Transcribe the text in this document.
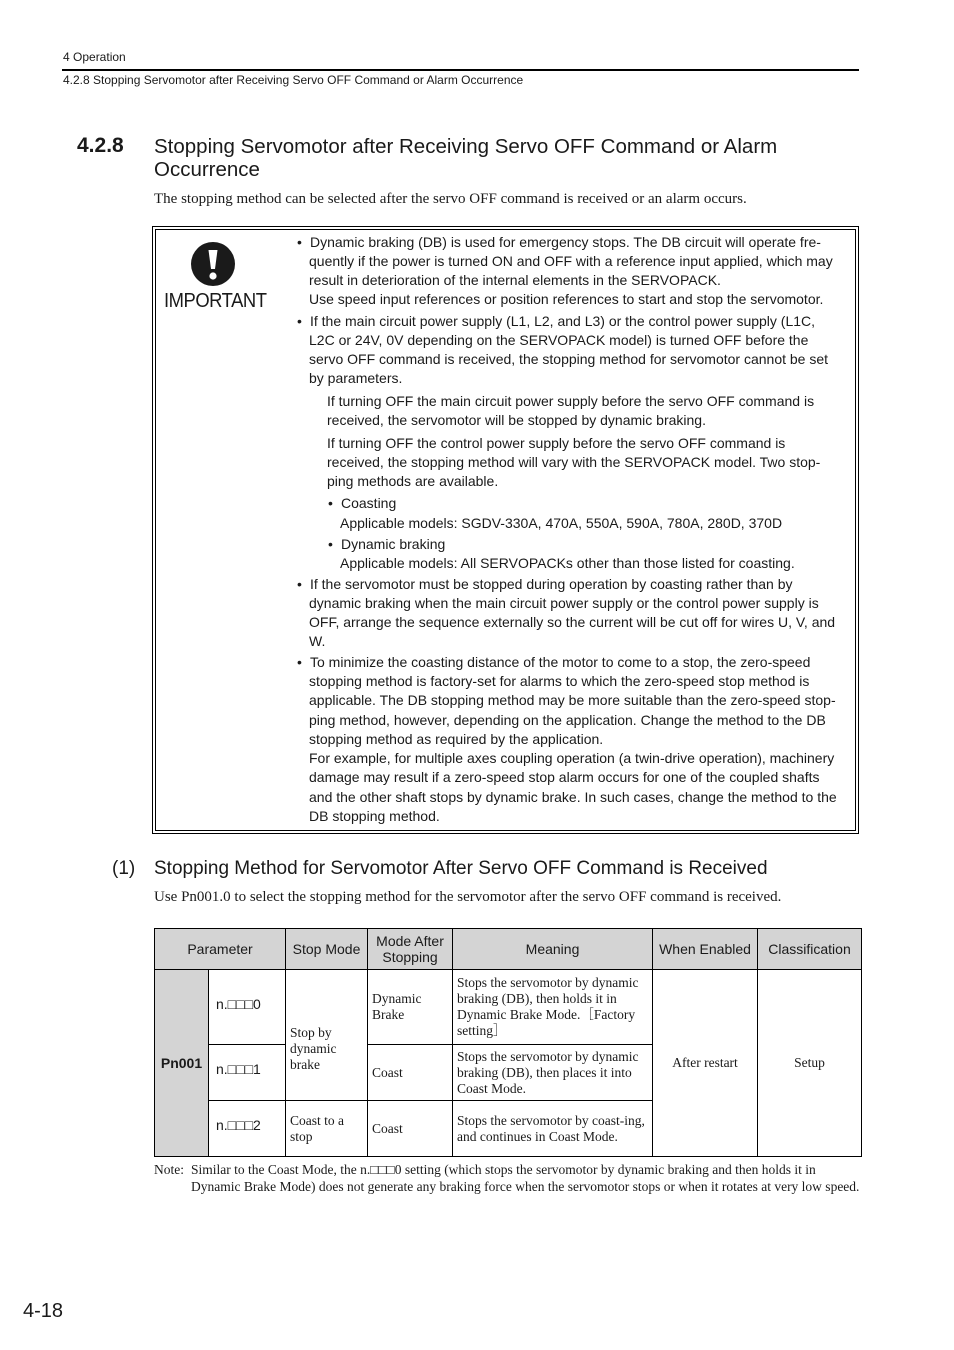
4 Operation
4.2.8 Stopping Servomotor after Receiving Servo OFF Command or Alarm Occurrence
4.2.8 Stopping Servomotor after Receiving Servo OFF Command or Alarm Occurrence
The stopping method can be selected after the servo OFF command is received or an alarm occurs.
IMPORTANT
• Dynamic braking (DB) is used for emergency stops. The DB circuit will operate fre-
quently if the power is turned ON and OFF with a reference input applied, which may
result in deterioration of the internal elements in the SERVOPACK.
Use speed input references or position references to start and stop the servomotor.
• If the main circuit power supply (L1, L2, and L3) or the control power supply (L1C,
L2C or 24V, 0V depending on the SERVOPACK model) is turned OFF before the
servo OFF command is received, the stopping method for servomotor cannot be set
by parameters.
If turning OFF the main circuit power supply before the servo OFF command is
received, the servomotor will be stopped by dynamic braking.
If turning OFF the control power supply before the servo OFF command is
received, the stopping method will vary with the SERVOPACK model. Two stop-
ping methods are available.
• Coasting
Applicable models: SGDV-330A, 470A, 550A, 590A, 780A, 280D, 370D
• Dynamic braking
Applicable models: All SERVOPACKs other than those listed for coasting.
• If the servomotor must be stopped during operation by coasting rather than by
dynamic braking when the main circuit power supply or the control power supply is
OFF, arrange the sequence externally so the current will be cut off for wires U, V, and
W.
• To minimize the coasting distance of the motor to come to a stop, the zero-speed
stopping method is factory-set for alarms to which the zero-speed stop method is
applicable. The DB stopping method may be more suitable than the zero-speed stop-
ping method, however, depending on the application. Change the method to the DB
stopping method as required by the application.
For example, for multiple axes coupling operation (a twin-drive operation), machinery
damage may result if a zero-speed stop alarm occurs for one of the coupled shafts
and the other shaft stops by dynamic brake. In such cases, change the method to the
DB stopping method.
(1) Stopping Method for Servomotor After Servo OFF Command is Received
Use Pn001.0 to select the stopping method for the servomotor after the servo OFF command is received.
Parameter		Stop Mode	Mode After Stopping	Meaning	When Enabled	Classification
Pn001	n.□□□0	Stop by dynamic brake	Dynamic Brake	Stops the servomotor by dynamic braking (DB), then holds it in Dynamic Brake Mode.［Factory setting］	After restart	Setup
	n.□□□1		Coast	Stops the servomotor by dynamic braking (DB), then places it into Coast Mode.		
	n.□□□2	Coast to a stop	Coast	Stops the servomotor by coast-ing, and continues in Coast Mode.		
Note: Similar to the Coast Mode, the n.□□□0 setting (which stops the servomotor by dynamic braking and then holds it in Dynamic Brake Mode) does not generate any braking force when the servomotor stops or when it rotates at very low speed.
4-18
